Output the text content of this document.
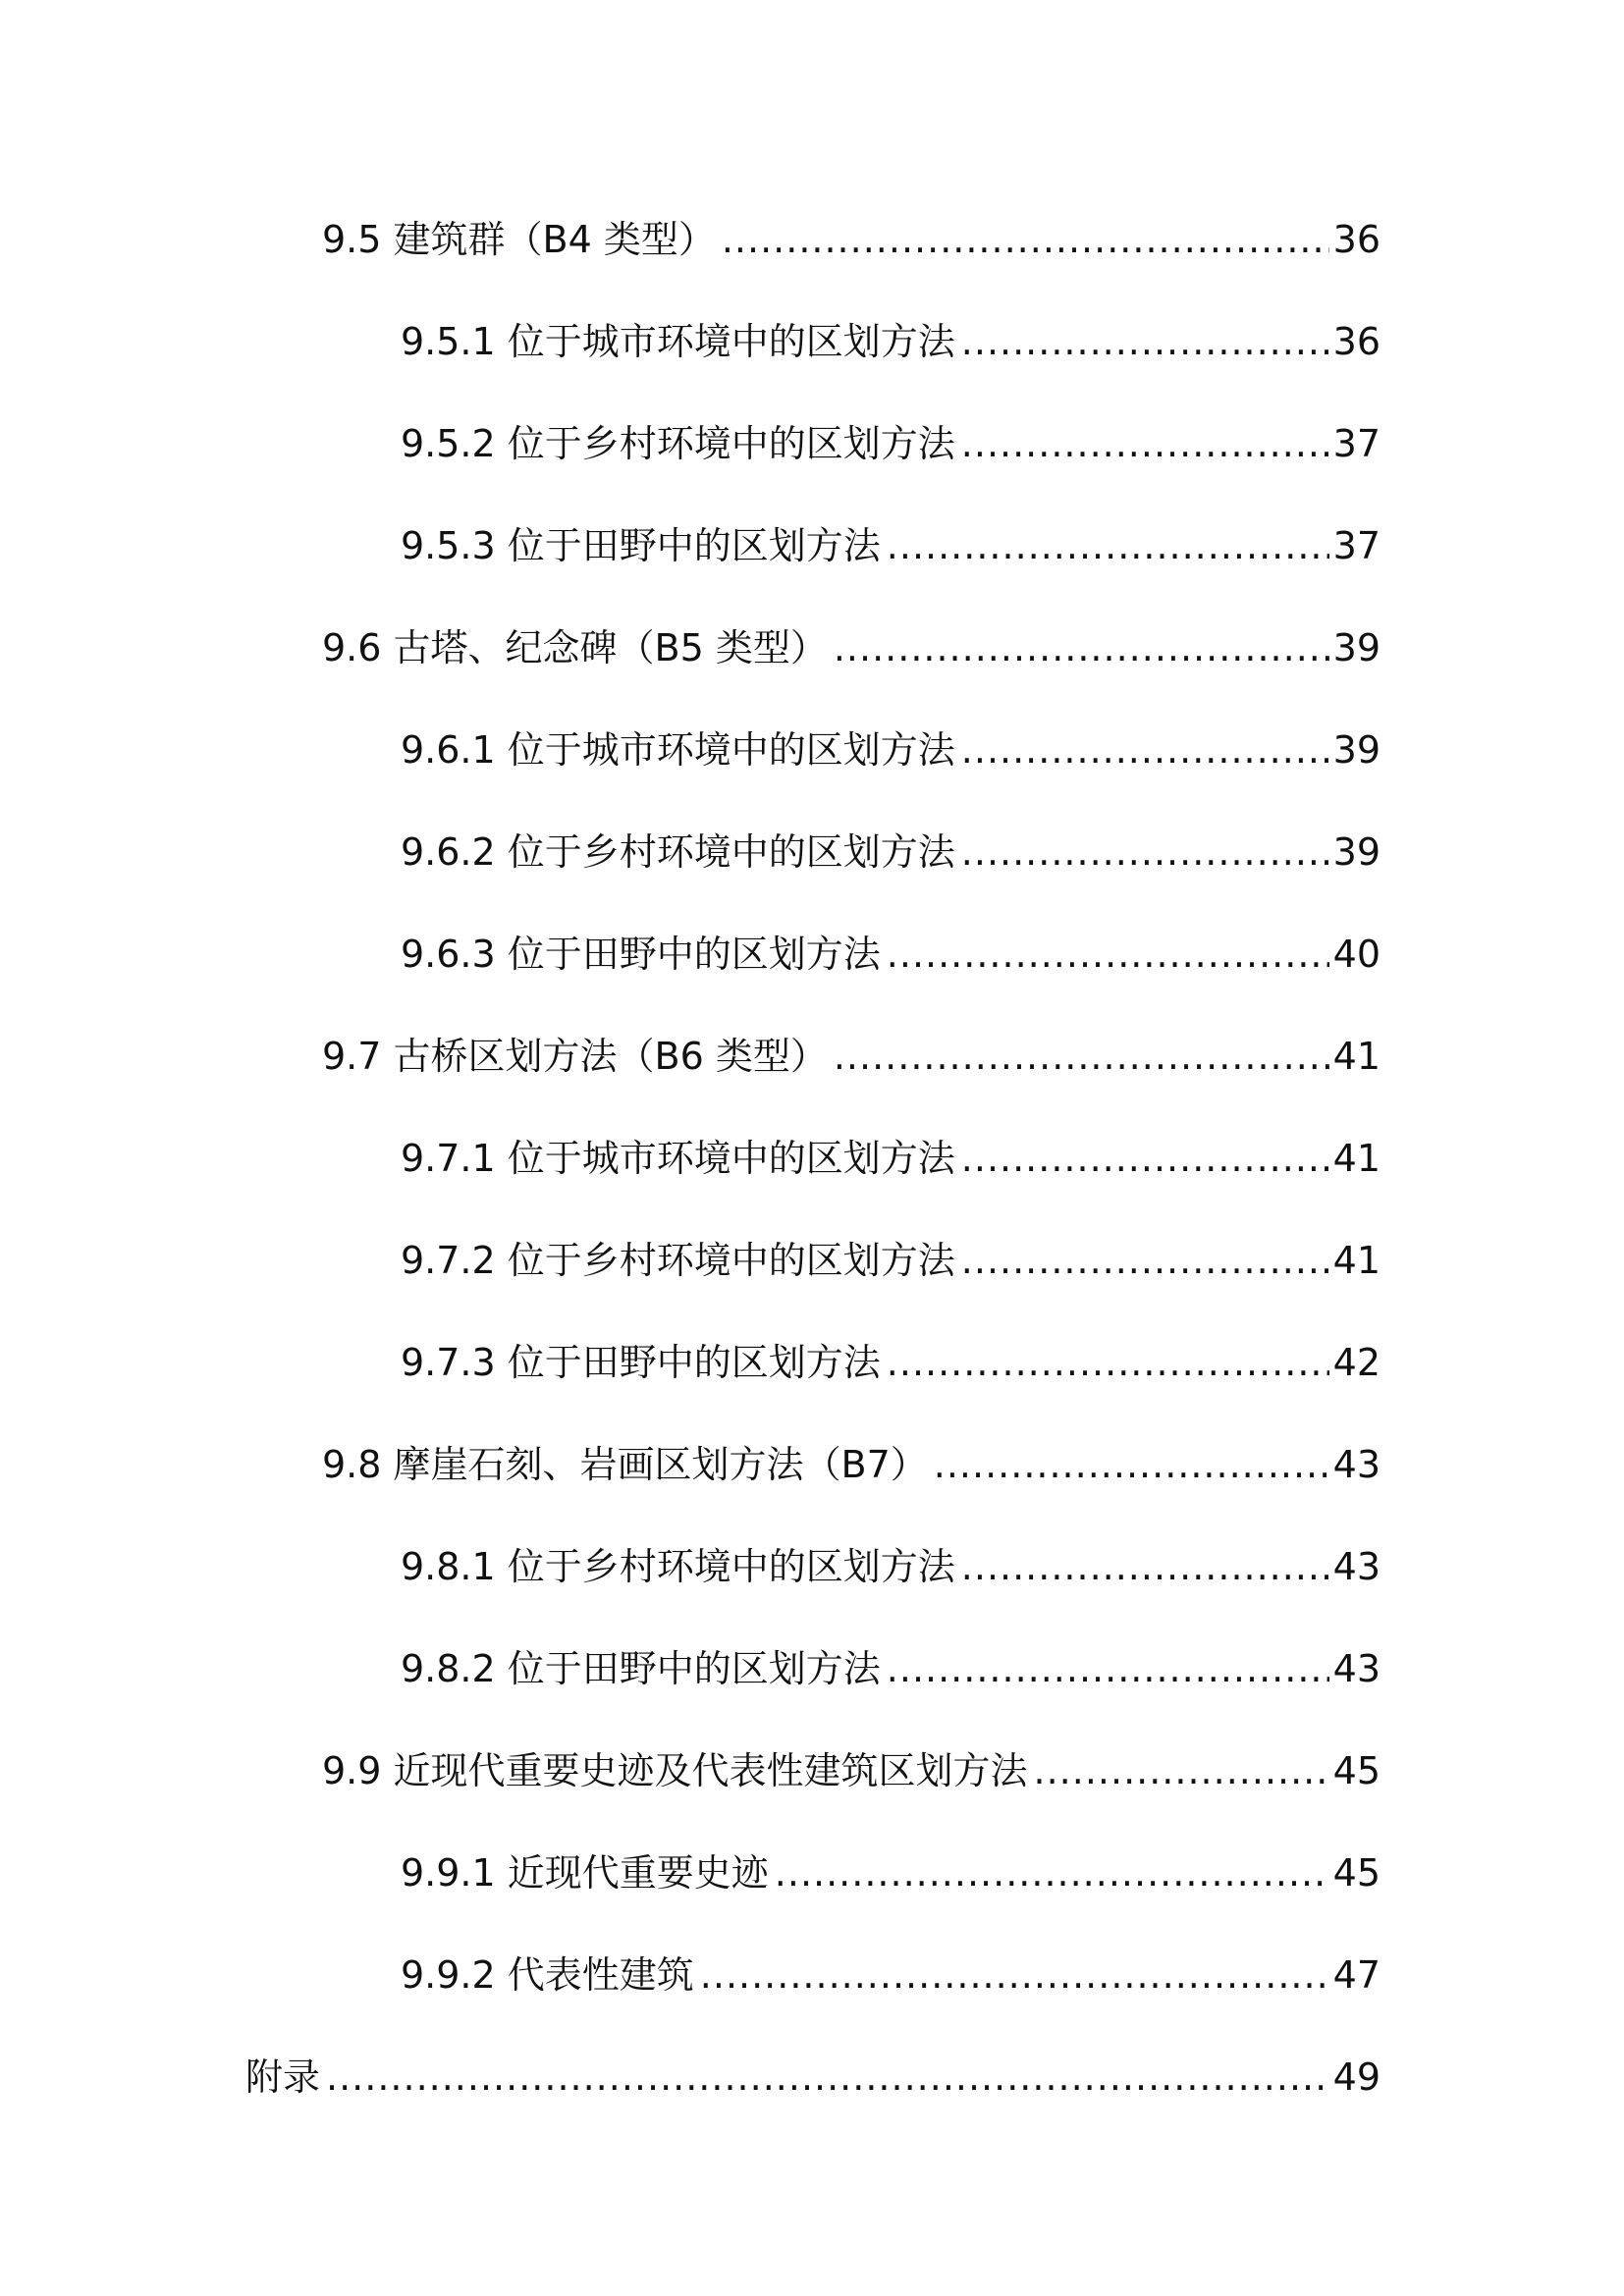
9.5 建筑群（B4 类型） .....	36
9.5.1 位于城市环境中的区划方法 .....	36
9.5.2 位于乡村环境中的区划方法 .....	37
9.5.3 位于田野中的区划方法 .....	37
9.6 古塔、纪念碑（B5 类型） .....	39
9.6.1 位于城市环境中的区划方法 .....	39
9.6.2 位于乡村环境中的区划方法 .....	39
9.6.3 位于田野中的区划方法 .....	40
9.7 古桥区划方法（B6 类型） .....	41
9.7.1 位于城市环境中的区划方法 .....	41
9.7.2 位于乡村环境中的区划方法 .....	41
9.7.3 位于田野中的区划方法 .....	42
9.8 摩崖石刻、岩画区划方法（B7） .....	43
9.8.1 位于乡村环境中的区划方法 .....	43
9.8.2 位于田野中的区划方法 .....	43
9.9 近现代重要史迹及代表性建筑区划方法 .....	45
9.9.1 近现代重要史迹 .....	45
9.9.2 代表性建筑 .....	47
附录 .....	49
